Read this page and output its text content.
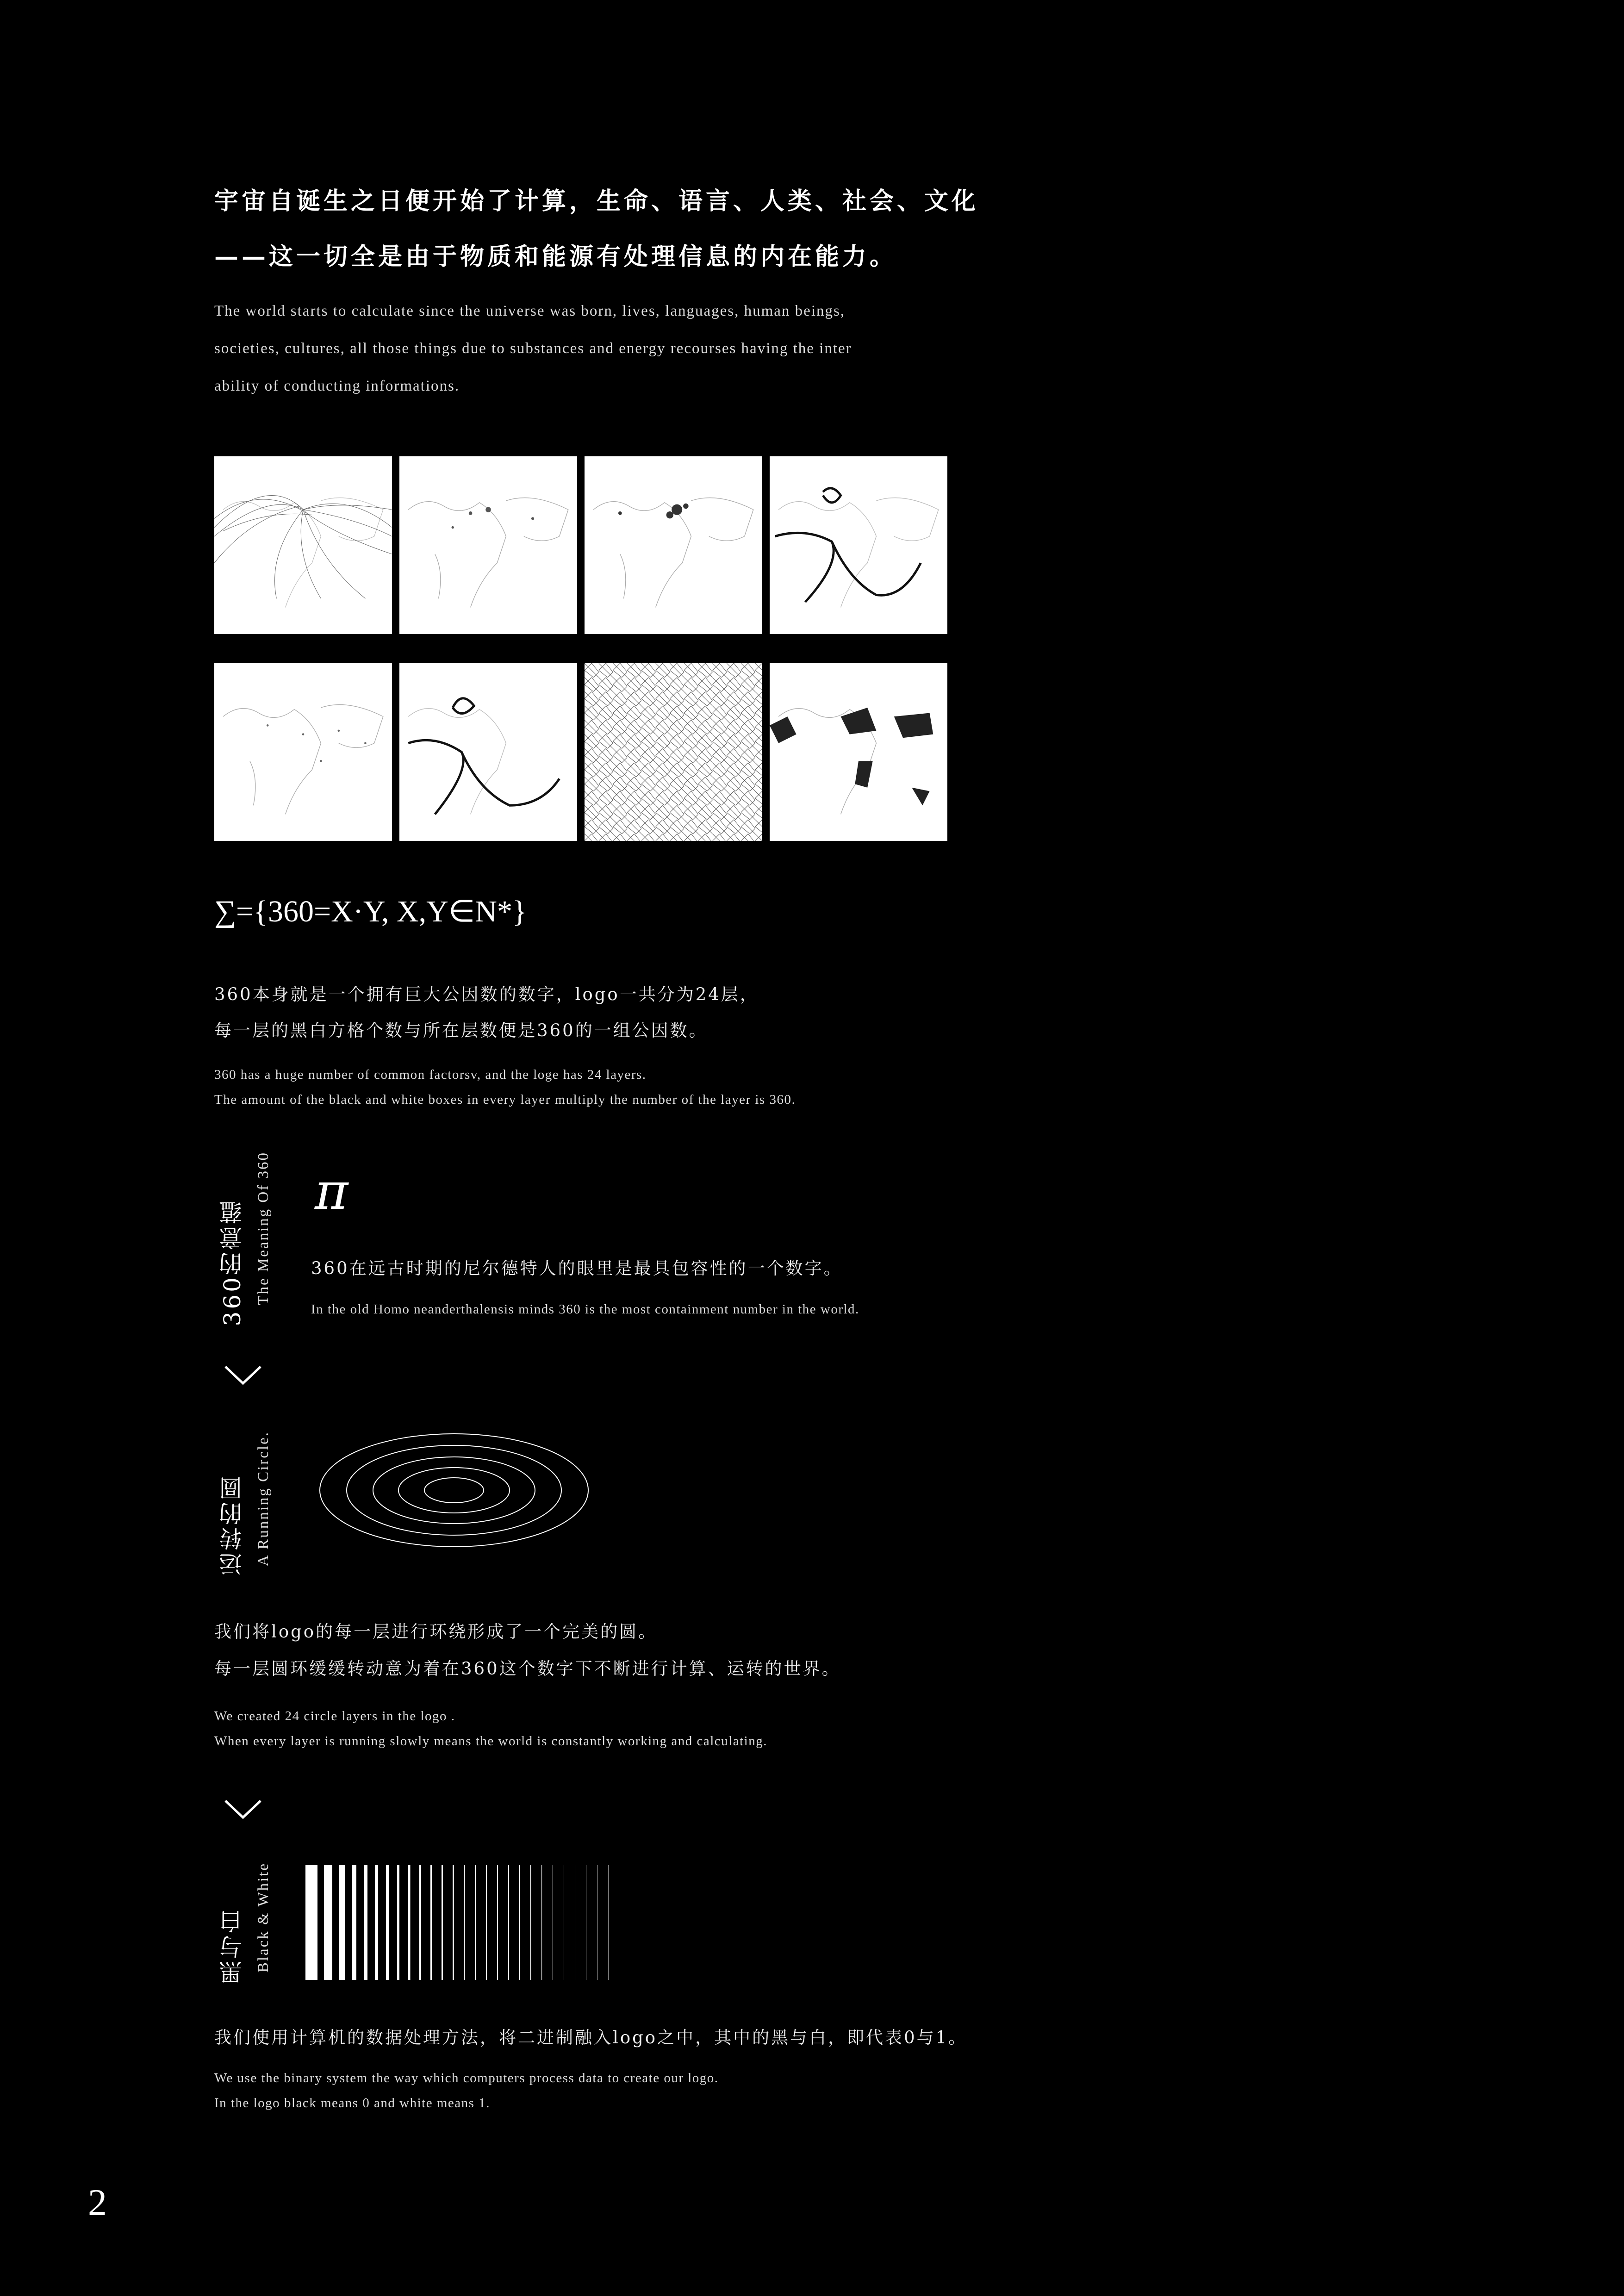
宇宙自诞生之日便开始了计算，生命、语言、人类、社会、文化
——这一切全是由于物质和能源有处理信息的内在能力。
The world starts to calculate since the universe was born, lives, languages, human beings,
societies, cultures, all those things due to substances and energy recourses having the inter
ability of conducting informations.
∑={360=X·Y, X,Y∈N*}
360本身就是一个拥有巨大公因数的数字，logo一共分为24层，
每一层的黑白方格个数与所在层数便是360的一组公因数。
360 has a huge number of common factorsv, and the loge has 24 layers.
The amount of the black and white boxes in every layer multiply the number of the layer is 360.
360的意蕴 The Meaning Of 360 π
360在远古时期的尼尔德特人的眼里是最具包容性的一个数字。
In the old Homo neanderthalensis minds 360 is the most containment number in the world.
运转的圆 A Running Circle.
我们将logo的每一层进行环绕形成了一个完美的圆。
每一层圆环缓缓转动意为着在360这个数字下不断进行计算、运转的世界。
We created 24 circle layers in the logo .
When every layer is running slowly means the world is constantly working and calculating.
黑与白 Black & White
我们使用计算机的数据处理方法，将二进制融入logo之中，其中的黑与白，即代表0与1。
We use the binary system the way which computers process data to create our logo.
In the logo black means 0 and white means 1.
2
